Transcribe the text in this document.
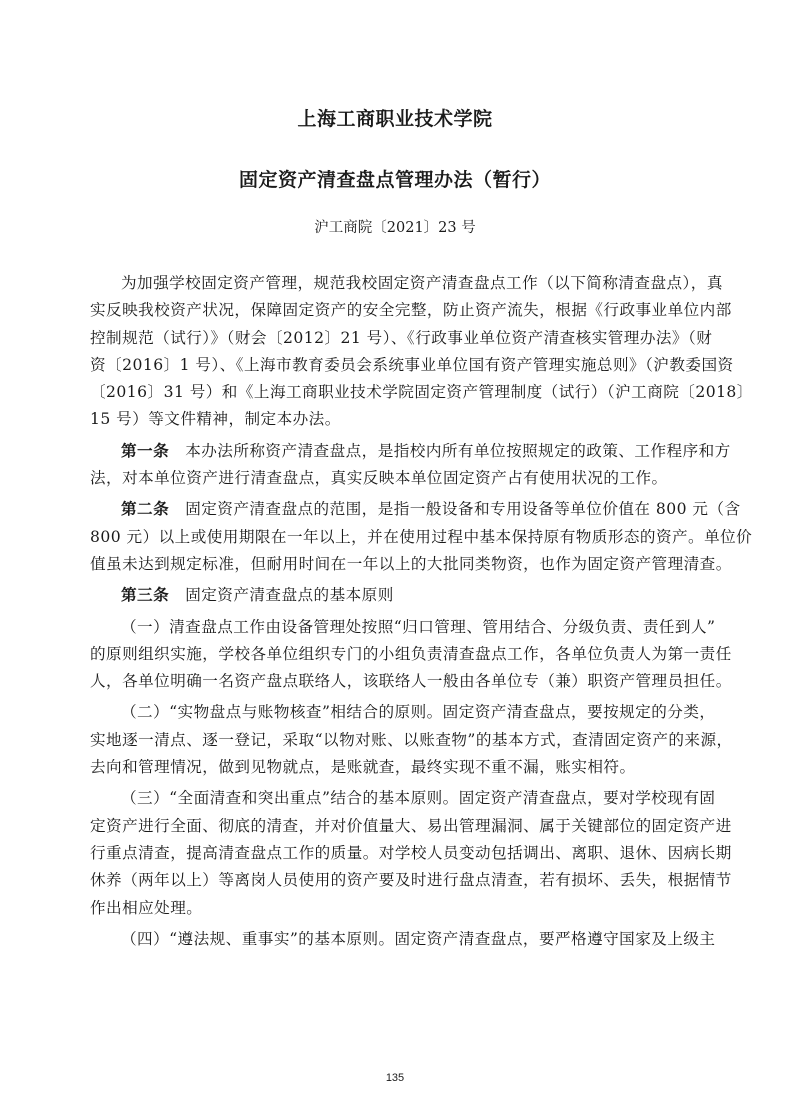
上海工商职业技术学院
固定资产清查盘点管理办法（暂行）
沪工商院〔2021〕23 号
为加强学校固定资产管理，规范我校固定资产清查盘点工作（以下简称清查盘点），真
实反映我校资产状况，保障固定资产的安全完整，防止资产流失，根据《行政事业单位内部
控制规范（试行）》（财会〔2012〕21 号）、《行政事业单位资产清查核实管理办法》（财
资〔2016〕1 号）、《上海市教育委员会系统事业单位国有资产管理实施总则》（沪教委国资
〔2016〕31 号）和《上海工商职业技术学院固定资产管理制度（试行）（沪工商院〔2018〕
15 号）等文件精神，制定本办法。
第一条　 本办法所称资产清查盘点，是指校内所有单位按照规定的政策、工作程序和方
法，对本单位资产进行清查盘点，真实反映本单位固定资产占有使用状况的工作。
第二条　 固定资产清查盘点的范围，是指一般设备和专用设备等单位价值在 800 元（含
800 元）以上或使用期限在一年以上，并在使用过程中基本保持原有物质形态的资产。单位价
值虽未达到规定标准，但耐用时间在一年以上的大批同类物资，也作为固定资产管理清查。
第三条　 固定资产清查盘点的基本原则
（一）清查盘点工作由设备管理处按照“归口管理、管用结合、分级负责、责任到人”
的原则组织实施，学校各单位组织专门的小组负责清查盘点工作，各单位负责人为第一责任
人，各单位明确一名资产盘点联络人，该联络人一般由各单位专（兼）职资产管理员担任。
（二）“实物盘点与账物核查”相结合的原则。固定资产清查盘点，要按规定的分类，
实地逐一清点、逐一登记，采取“以物对账、以账查物”的基本方式，查清固定资产的来源，
去向和管理情况，做到见物就点，是账就查，最终实现不重不漏，账实相符。
（三）“全面清查和突出重点”结合的基本原则。固定资产清查盘点，要对学校现有固
定资产进行全面、彻底的清查，并对价值量大、易出管理漏洞、属于关键部位的固定资产进
行重点清查，提高清查盘点工作的质量。对学校人员变动包括调出、离职、退休、因病长期
休养（两年以上）等离岗人员使用的资产要及时进行盘点清查，若有损坏、丢失，根据情节
作出相应处理。
（四）“遵法规、重事实”的基本原则。固定资产清查盘点，要严格遵守国家及上级主
135
